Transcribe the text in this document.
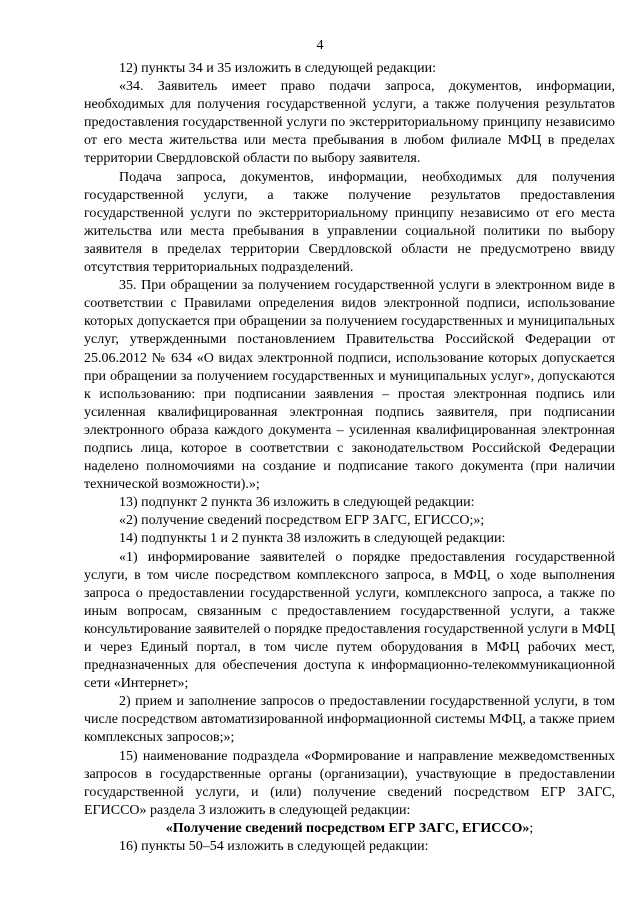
4

12) пункты 34 и 35 изложить в следующей редакции:

«34. Заявитель имеет право подачи запроса, документов, информации, необходимых для получения государственной услуги, а также получения результатов предоставления государственной услуги по экстерриториальному принципу независимо от его места жительства или места пребывания в любом филиале МФЦ в пределах территории Свердловской области по выбору заявителя.

Подача запроса, документов, информации, необходимых для получения государственной услуги, а также получение результатов предоставления государственной услуги по экстерриториальному принципу независимо от его места жительства или места пребывания в управлении социальной политики по выбору заявителя в пределах территории Свердловской области не предусмотрено ввиду отсутствия территориальных подразделений.

35. При обращении за получением государственной услуги в электронном виде в соответствии с Правилами определения видов электронной подписи, использование которых допускается при обращении за получением государственных и муниципальных услуг, утвержденными постановлением Правительства Российской Федерации от 25.06.2012 № 634 «О видах электронной подписи, использование которых допускается при обращении за получением государственных и муниципальных услуг», допускаются к использованию: при подписании заявления – простая электронная подпись или усиленная квалифицированная электронная подпись заявителя, при подписании электронного образа каждого документа – усиленная квалифицированная электронная подпись лица, которое в соответствии с законодательством Российской Федерации наделено полномочиями на создание и подписание такого документа (при наличии технической возможности).»;

13) подпункт 2 пункта 36 изложить в следующей редакции:

«2) получение сведений посредством ЕГР ЗАГС, ЕГИССО;»;

14) подпункты 1 и 2 пункта 38 изложить в следующей редакции:

«1) информирование заявителей о порядке предоставления государственной услуги, в том числе посредством комплексного запроса, в МФЦ, о ходе выполнения запроса о предоставлении государственной услуги, комплексного запроса, а также по иным вопросам, связанным с предоставлением государственной услуги, а также консультирование заявителей о порядке предоставления государственной услуги в МФЦ и через Единый портал, в том числе путем оборудования в МФЦ рабочих мест, предназначенных для обеспечения доступа к информационно-телекоммуникационной сети «Интернет»;

2) прием и заполнение запросов о предоставлении государственной услуги, в том числе посредством автоматизированной информационной системы МФЦ, а также прием комплексных запросов;»;

15) наименование подраздела «Формирование и направление межведомственных запросов в государственные органы (организации), участвующие в предоставлении государственной услуги, и (или) получение сведений посредством ЕГР ЗАГС, ЕГИССО» раздела 3 изложить в следующей редакции:

«Получение сведений посредством ЕГР ЗАГС, ЕГИССО»;

16) пункты 50–54 изложить в следующей редакции:
